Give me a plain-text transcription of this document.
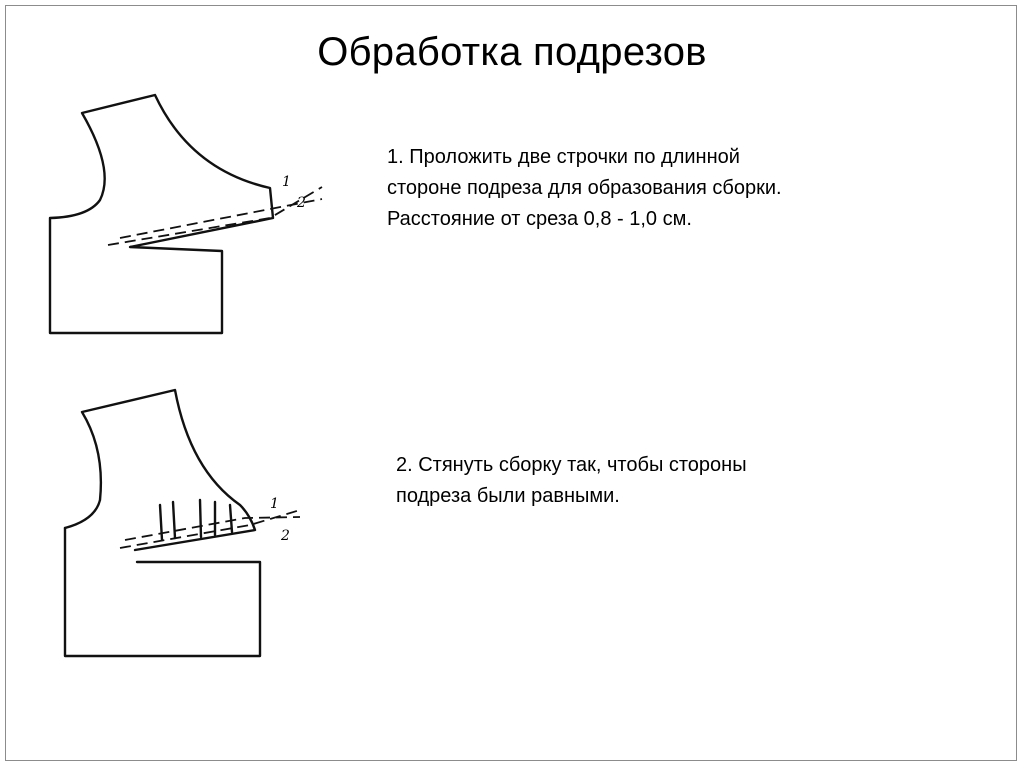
Обработка подрезов
1
2
1. Проложить две строчки по длинной
стороне подреза для образования сборки.
Расстояние от среза 0,8 - 1,0 см.
1
2
2. Стянуть сборку так, чтобы стороны
подреза были равными.
